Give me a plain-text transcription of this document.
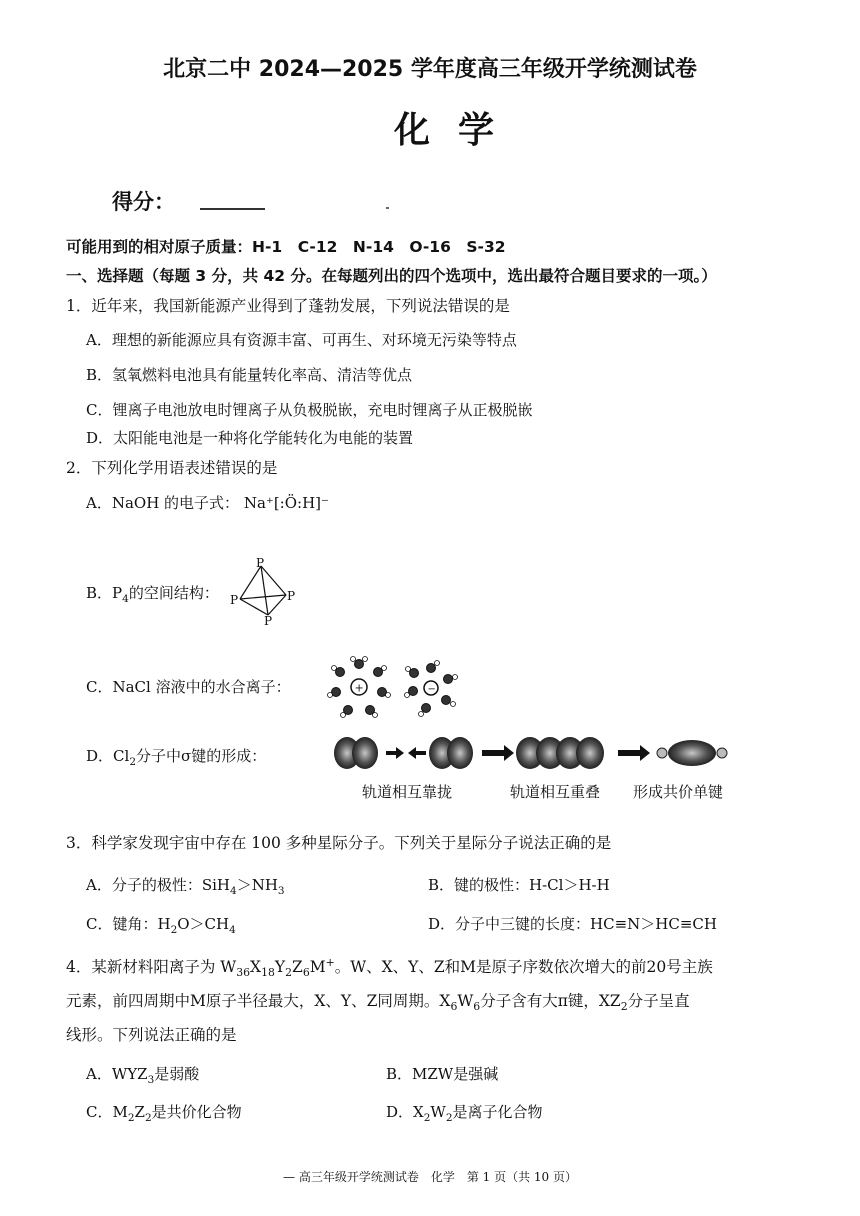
北京二中 2024—2025 学年度高三年级开学统测试卷
化学
得分：
可能用到的相对原子质量：H-1　C-12　N-14　O-16　S-32
一、选择题（每题 3 分，共 42 分。在每题列出的四个选项中，选出最符合题目要求的一项。）
1．近年来，我国新能源产业得到了蓬勃发展，下列说法错误的是
A．理想的新能源应具有资源丰富、可再生、对环境无污染等特点
B．氢氧燃料电池具有能量转化率高、清洁等优点
C．锂离子电池放电时锂离子从负极脱嵌，充电时锂离子从正极脱嵌
D．太阳能电池是一种将化学能转化为电能的装置
2．下列化学用语表述错误的是
A．NaOH 的电子式： Na⁺[:Ö:H]⁻
B．$P_4$的空间结构：
P
P	P
P
C．NaCl 溶液中的水合离子：	+	−
D．$Cl_2$分子中σ键的形成：
轨道相互靠拢	轨道相互重叠 形成共价单键
3．科学家发现宇宙中存在 100 多种星际分子。下列关于星际分子说法正确的是
A．分子的极性：$SiH_4>NH_3$	B．键的极性：H-Cl＞H-H
C．键角：$H_2O>CH_4$	D．分子中三键的长度：HC≡N＞HC≡CH
4．某新材料阳离子为 $W_{36}X_{18}Y_2Z_6M^+$。W、X、Y、Z和M是原子序数依次增大的前20号主族
元素，前四周期中M原子半径最大，X、Y、Z同周期。$X_6W_6$分子含有大π键，$XZ_2$分子呈直
线形。下列说法正确的是
A．$WYZ_3$是弱酸	B．MZW是强碱
C．$M_2Z_2$是共价化合物	D．$X_2W_2$是离子化合物
— 高三年级开学统测试卷　化学　第 1 页（共 10 页）
